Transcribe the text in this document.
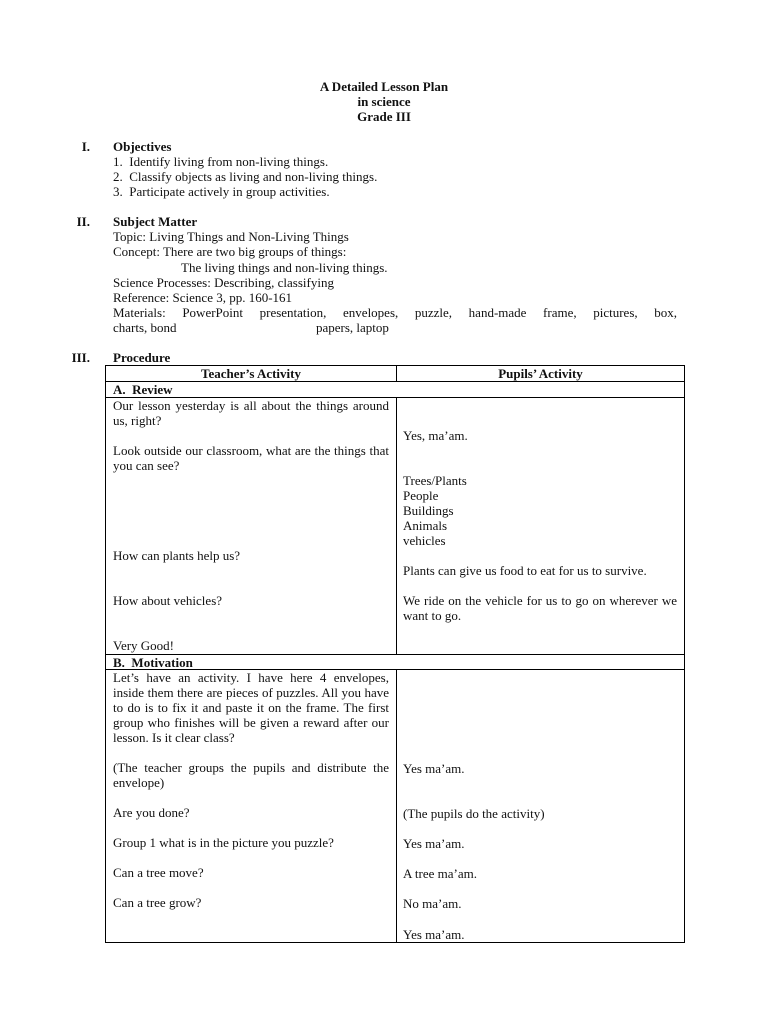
A Detailed Lesson Plan
in science
Grade III
I. Objectives
1.  Identify living from non-living things.
2.  Classify objects as living and non-living things.
3.  Participate actively in group activities.
II. Subject Matter
Topic: Living Things and Non-Living Things
Concept: There are two big groups of things:
The living things and non-living things.
Science Processes: Describing, classifying
Reference: Science 3, pp. 160-161
Materials: PowerPoint presentation, envelopes, puzzle, hand-made frame, pictures, box,
charts, bond	papers, laptop
III. Procedure
Teacher’s Activity	Pupils’ Activity
A.  Review

Our lesson yesterday is all about the things around us, right?

Look outside our classroom, what are the things that you can see?

How can plants help us?

How about vehicles?

Very Good!

Yes, ma’am.

Trees/Plants

People

Buildings

Animals

vehicles

Plants can give us food to eat for us to survive.

We ride on the vehicle for us to go on wherever we want to go.

B.  Motivation

Let’s have an activity. I have here 4 envelopes, inside them there are pieces of puzzles. All you have to do is to fix it and paste it on the frame. The first group who finishes will be given a reward after our lesson. Is it clear class?

(The teacher groups the pupils and distribute the envelope)

Are you done?

Group 1 what is in the picture you puzzle?

Can a tree move?

Can a tree grow?

Yes ma’am.

(The pupils do the activity)

Yes ma’am.

A tree ma’am.

No ma’am.

Yes ma’am.
